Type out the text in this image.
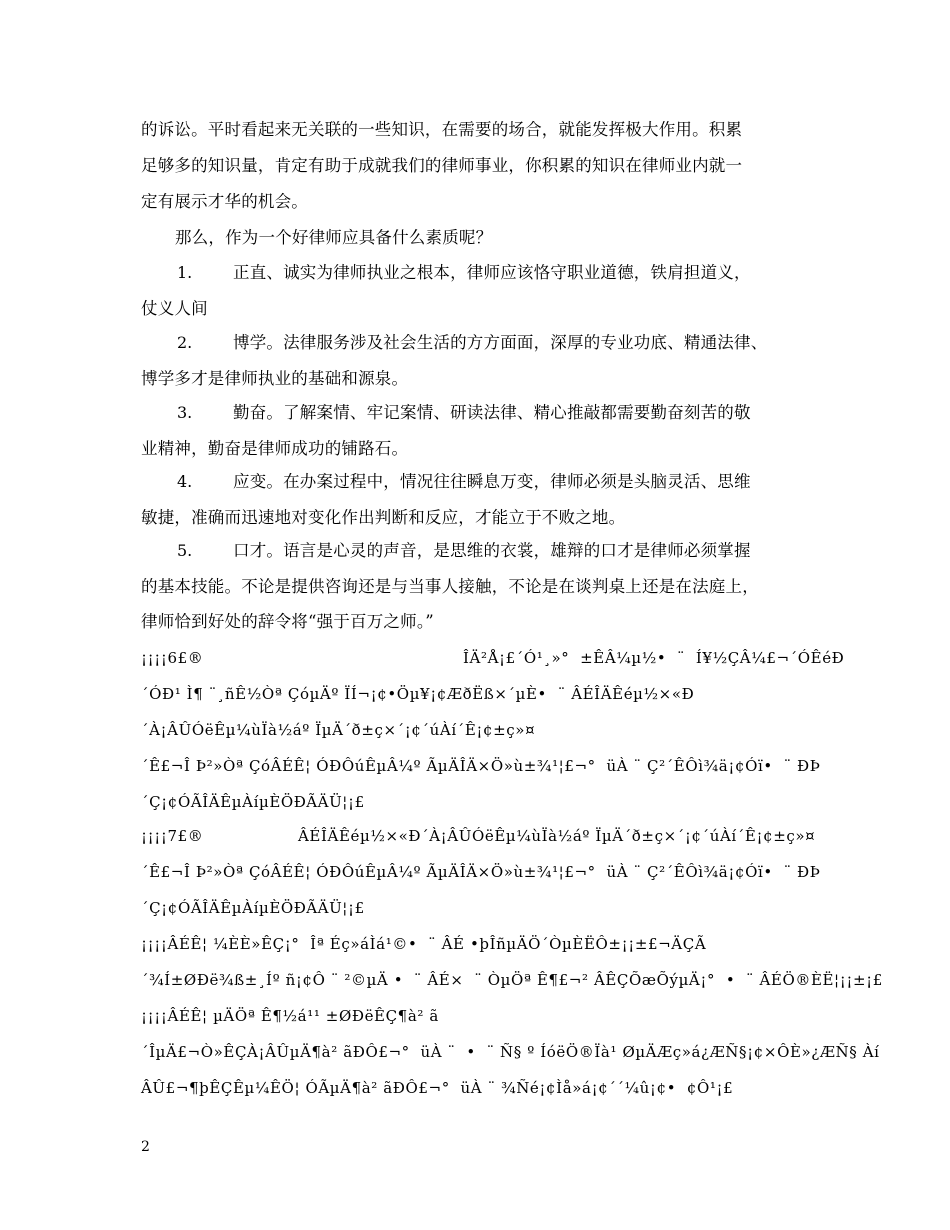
的诉讼。平时看起来无关联的一些知识，在需要的场合，就能发挥极大作用。积累
足够多的知识量，肯定有助于成就我们的律师事业，你积累的知识在律师业内就一
定有展示才华的机会。
那么，作为一个好律师应具备什么素质呢？
1. 正直、诚实为律师执业之根本，律师应该恪守职业道德，铁肩担道义，
仗义人间
2. 博学。法律服务涉及社会生活的方方面面，深厚的专业功底、精通法律、
博学多才是律师执业的基础和源泉。
3. 勤奋。了解案情、牢记案情、研读法律、精心推敲都需要勤奋刻苦的敬
业精神，勤奋是律师成功的铺路石。
4. 应变。在办案过程中，情况往往瞬息万变，律师必须是头脑灵活、思维
敏捷，准确而迅速地对变化作出判断和反应，才能立于不败之地。
5. 口才。语言是心灵的声音，是思维的衣裳，雄辩的口才是律师必须掌握
的基本技能。不论是提供咨询还是与当事人接触，不论是在谈判桌上还是在法庭上，
律师恰到好处的辞令将“强于百万之师。”
¡¡¡¡6£®	ÎÄ²Å¡£´Ó¹¸»°  ±ÊÂ¼µ½•  ¨  Í¥½ÇÂ¼£¬´ÓÊéÐ
´ÓÐ¹ Ì¶ ¨¸ñÊ½Òª ÇóµÄº ÏÍ¬¡¢•Öµ¥¡¢ÆðËß×´µÈ•  ¨ ÂÉÎÄÊéµ½×«Ð
´À¡ÂÛÓëÊµ¼ùÏà½áº ÏµÄ´ð±ç×´¡¢´úÀí´Ê¡¢±ç»¤
´Ê£¬Î Þ²»Òª ÇóÂÉÊ¦ ÓÐÔúÊµÂ¼º ÃµÄÎÄ×Ö»ù±¾¹¦£¬°  üÀ ¨ Ç²´ÊÔì¾ä¡¢Óï•  ¨ ÐÞ
´Ç¡¢ÓÃÎÄÊµÀíµÈÖÐÃÄÜ¦¡£
¡¡¡¡7£®	ÂÉÎÄÊéµ½×«Ð´À¡ÂÛÓëÊµ¼ùÏà½áº ÏµÄ´ð±ç×´¡¢´úÀí´Ê¡¢±ç»¤
´Ê£¬Î Þ²»Òª ÇóÂÉÊ¦ ÓÐÔúÊµÂ¼º ÃµÄÎÄ×Ö»ù±¾¹¦£¬°  üÀ ¨ Ç²´ÊÔì¾ä¡¢Óï•  ¨ ÐÞ
´Ç¡¢ÓÃÎÄÊµÀíµÈÖÐÃÄÜ¦¡£
¡¡¡¡ÂÉÊ¦ ¼ÈÈ»ÊÇ¡°  Îª Éç»áÌá¹©•  ¨ ÂÉ •þÎñµÄÖ´ÒµÈËÔ±¡¡±£¬ÄÇÃ
´¾Í±ØÐë¾ß±¸Íº ñ¡¢Ô ¨ ²©µÄ •  ¨ ÂÉ×  ¨ ÒµÖª Ê¶£¬² ÂÊÇÕæÕýµÄ¡°  •  ¨ ÂÉÖ®ÈË¦¡¡±¡£
¡¡¡¡ÂÉÊ¦ µÄÖª Ê¶½á¹¹ ±ØÐëÊÇ¶à² ã
´ÎµÄ£¬Ò»ÊÇÀ¡ÂÛµÄ¶à² ãÐÔ£¬°  üÀ ¨  •  ¨ Ñ§ º ÍóëÖ®Ïà¹ ØµÄÆç»á¿ÆÑ§¡¢×ÔÈ»¿ÆÑ§ Àí
ÂÛ£¬¶þÊÇÊµ¼ÊÖ¦ ÓÃµÄ¶à² ãÐÔ£¬°  üÀ ¨ ¾Ñé¡¢Ìå»á¡¢´´¼û¡¢•  ¢Ô¹¡£
2
